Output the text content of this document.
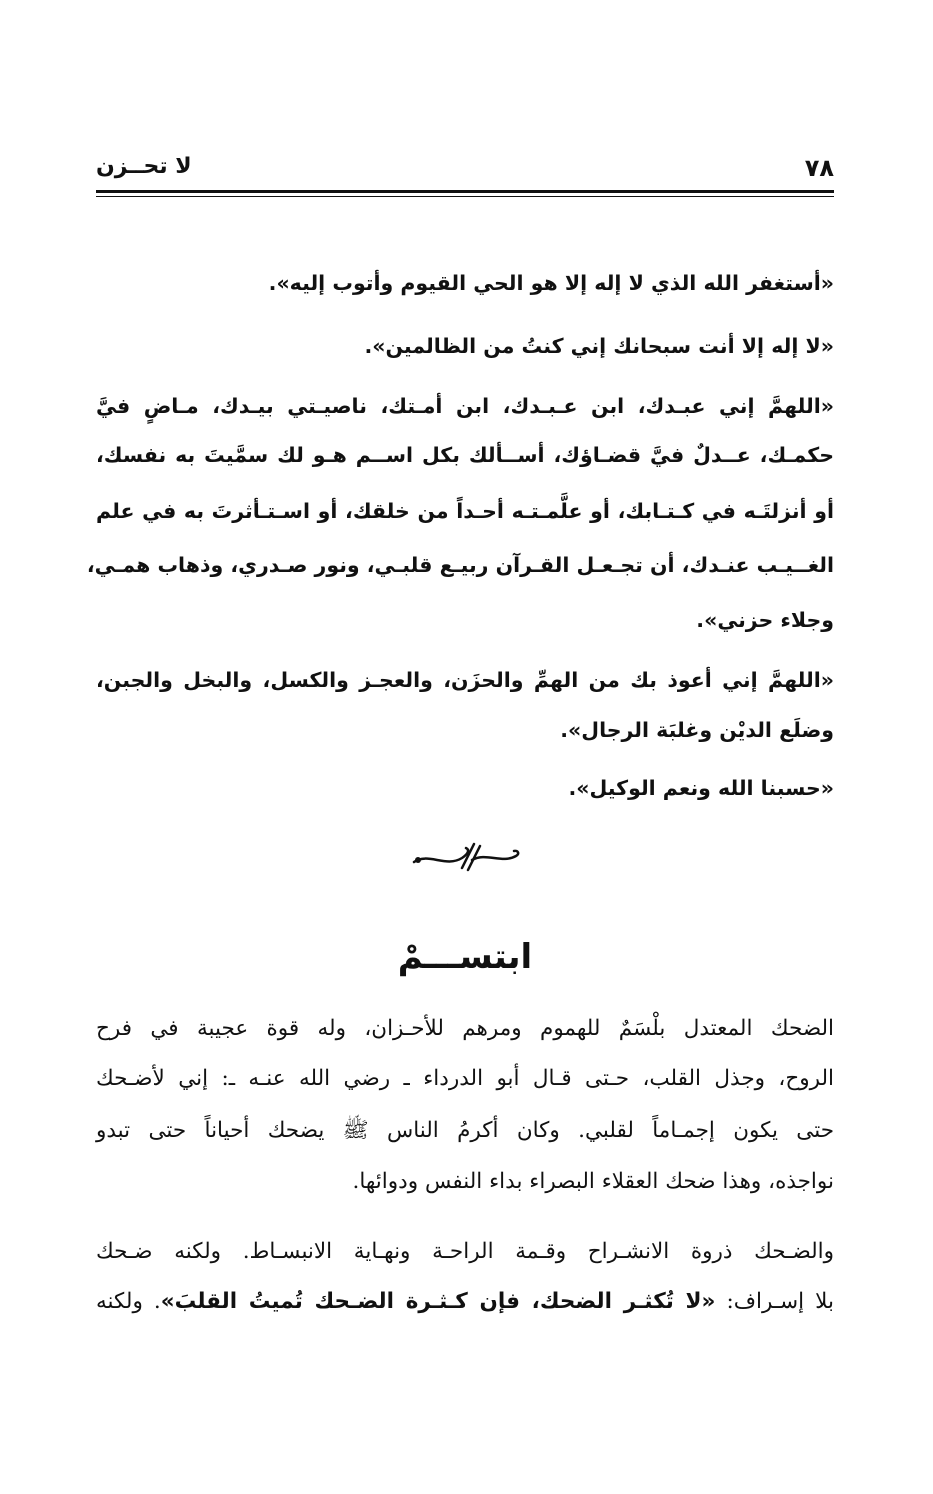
٧٨
لا تحــزن
«أستغفر الله الذي لا إله إلا هو الحي القيوم وأتوب إليه».
«لا إله إلا أنت سبحانك إني كنتُ من الظالمين».
«اللهمَّ إني عبـدك، ابن عـبـدك، ابن أمـتك، ناصيـتي بيـدك، مـاضٍ فيَّ
حكمـك، عــدلٌ فيَّ قضـاؤك، أســألك بكل اســم هـو لك سمَّيتَ به نفسك،
أو أنزلتَـه في كـتـابك، أو علَّمـتـه أحـداً من خلقك، أو اسـتـأثرتَ به في علم
الغــيـب عنـدك، أن تجـعـل القـرآن ربيـع قلبـي، ونور صـدري، وذهاب همـي،
وجلاء حزني».
«اللهمَّ إني أعوذ بك من الهمِّ والحزَن، والعجـز والكسل، والبخل والجبن،
وضلَع الديْن وغلبَة الرجال».
«حسبنا الله ونعم الوكيل».
ابتســـمْ
الضحك المعتدل بلْسَمٌ للهموم ومرهم للأحـزان، وله قوة عجيبة في فرح
الروح، وجذل القلب، حـتى قـال أبو الدرداء ـ رضي الله عنـه ـ: إني لأضـحك
حتى يكون إجمـاماً لقلبي. وكان أكرمُ الناس ﷺ يضحك أحياناً حتى تبدو
نواجذه، وهذا ضحك العقلاء البصراء بداء النفس ودوائها.
والضـحك ذروة الانشـراح وقـمة الراحـة ونهـاية الانبسـاط. ولكنه ضـحك
بلا إسـراف: «لا تُكثـر الضحك، فإن كـثـرة الضـحك تُميتُ القلبَ». ولكنه
